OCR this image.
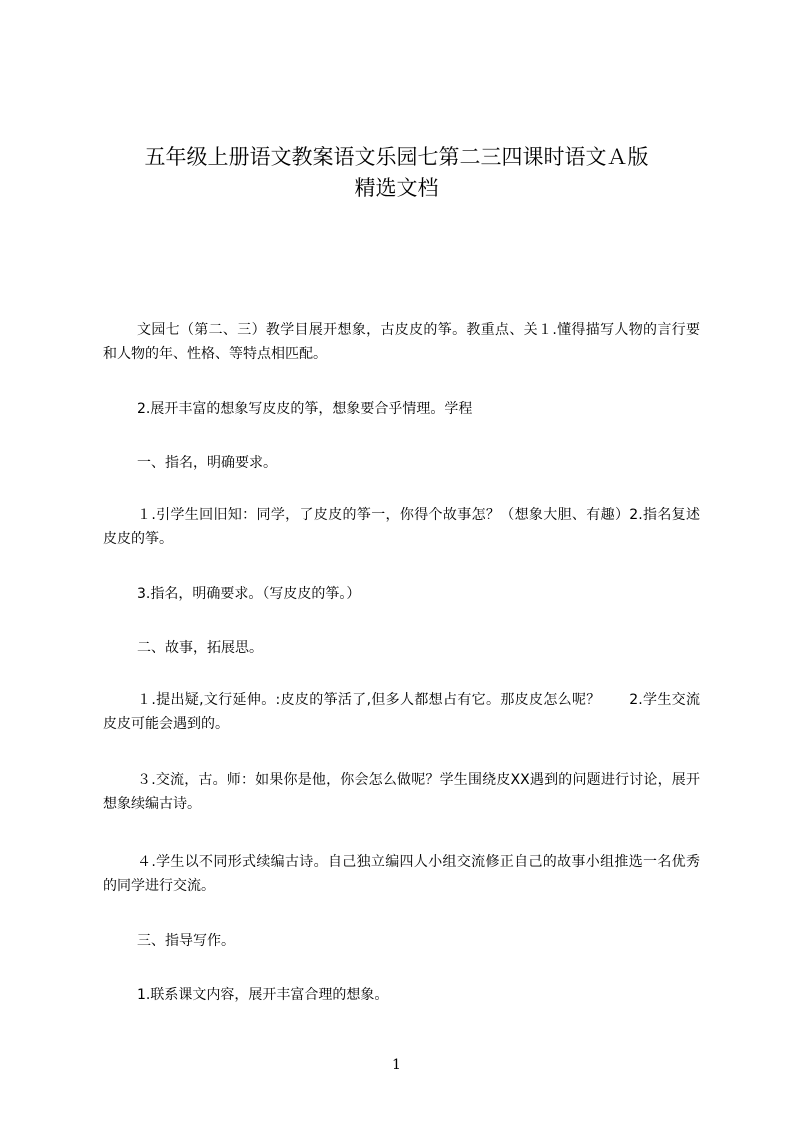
五年级上册语文教案语文乐园七第二三四课时语文Ａ版
精选文档

文园七（第二、三）教学目展开想象，古皮皮的筝。教重点、关１.懂得描写人物的言行要和人物的年、性格、等特点相匹配。

2.展开丰富的想象写皮皮的筝，想象要合乎情理。学程

一、指名，明确要求。

１.引学生回旧知：同学，了皮皮的筝一，你得个故事怎？（想象大胆、有趣）2.指名复述皮皮的筝。

3.指名，明确要求。（写皮皮的筝。）

二、故事，拓展思。

１.提出疑,文行延伸。:皮皮的筝活了,但多人都想占有它。那皮皮怎么呢？　　2.学生交流皮皮可能会遇到的。

３.交流，古。师：如果你是他，你会怎么做呢？学生围绕皮XX遇到的问题进行讨论，展开想象续编古诗。

４.学生以不同形式续编古诗。自己独立编四人小组交流修正自己的故事小组推选一名优秀的同学进行交流。

三、指导写作。

1.联系课文内容，展开丰富合理的想象。

1
